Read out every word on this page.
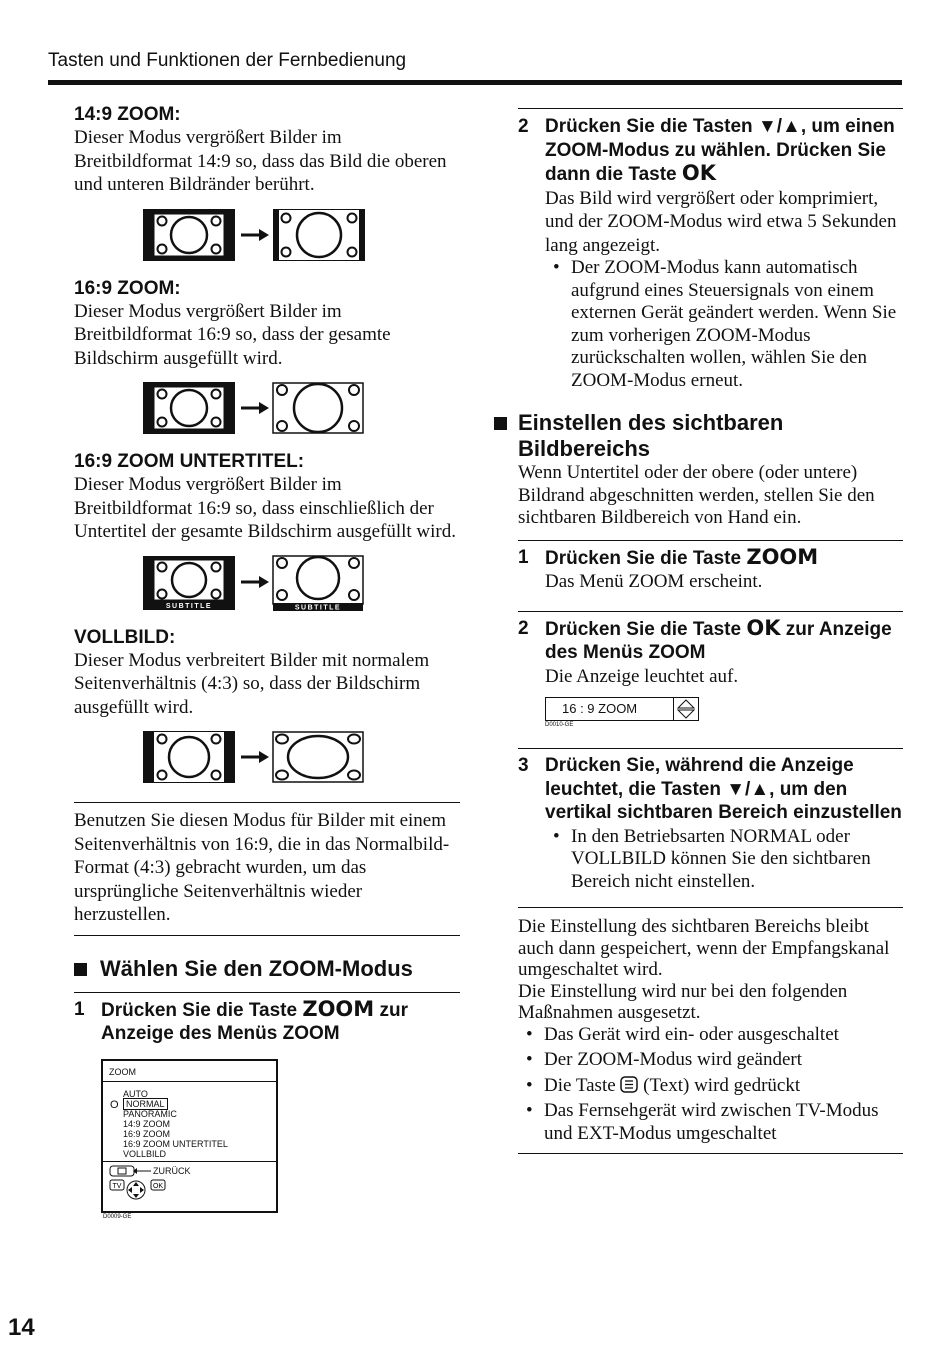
Tasten und Funktionen der Fernbedienung

14:9 ZOOM:

Dieser Modus vergrößert Bilder im Breitbildformat 14:9 so, dass das Bild die oberen und unteren Bildränder berührt.

16:9 ZOOM:

Dieser Modus vergrößert Bilder im Breitbildformat 16:9 so, dass der gesamte Bildschirm ausgefüllt wird.

16:9 ZOOM UNTERTITEL:

Dieser Modus vergrößert Bilder im Breitbildformat 16:9 so, dass einschließlich der Untertitel der gesamte Bildschirm ausgefüllt wird.

SUBTITLE	SUBTITLE

VOLLBILD:

Dieser Modus verbreitert Bilder mit normalem Seitenverhältnis (4:3) so, dass der Bildschirm ausgefüllt wird.

Benutzen Sie diesen Modus für Bilder mit einem Seitenverhältnis von 16:9, die in das Normalbild-Format (4:3) gebracht wurden, um das ursprüngliche Seitenverhältnis wieder herzustellen.

Wählen Sie den ZOOM-Modus
1 Drücken Sie die Taste ZOOM zur Anzeige des Menüs ZOOM
ZOOM
O
AUTO
NORMAL
PANORAMIC
14:9 ZOOM
16:9 ZOOM
16:9 ZOOM UNTERTITEL
VOLLBILD
TV	OK
ZURÜCK
D0009-GE
2 Drücken Sie die Tasten ▼/▲, um einen ZOOM-Modus zu wählen. Drücken Sie dann die Taste OK

Das Bild wird vergrößert oder komprimiert, und der ZOOM-Modus wird etwa 5 Sekunden lang angezeigt.

• Der ZOOM-Modus kann automatisch aufgrund eines Steuersignals von einem externen Gerät geändert werden. Wenn Sie zum vorherigen ZOOM-Modus zurückschalten wollen, wählen Sie den ZOOM-Modus erneut.
Einstellen des sichtbaren Bildbereichs

Wenn Untertitel oder der obere (oder untere) Bildrand abgeschnitten werden, stellen Sie den sichtbaren Bildbereich von Hand ein.

1 Drücken Sie die Taste ZOOM

Das Menü ZOOM erscheint.

2 Drücken Sie die Taste OK zur Anzeige des Menüs ZOOM

Die Anzeige leuchtet auf.

16 : 9 ZOOM
D0010-GE
3 Drücken Sie, während die Anzeige leuchtet, die Tasten ▼/▲, um den vertikal sichtbaren Bereich einzustellen
• In den Betriebsarten NORMAL oder VOLLBILD können Sie den sichtbaren Bereich nicht einstellen.

Die Einstellung des sichtbaren Bereichs bleibt auch dann gespeichert, wenn der Empfangskanal umgeschaltet wird.

Die Einstellung wird nur bei den folgenden Maßnahmen ausgesetzt.

• Das Gerät wird ein- oder ausgeschaltet
• Der ZOOM-Modus wird geändert
• Die Taste  (Text) wird gedrückt
• Das Fernsehgerät wird zwischen TV-Modus und EXT-Modus umgeschaltet
14
